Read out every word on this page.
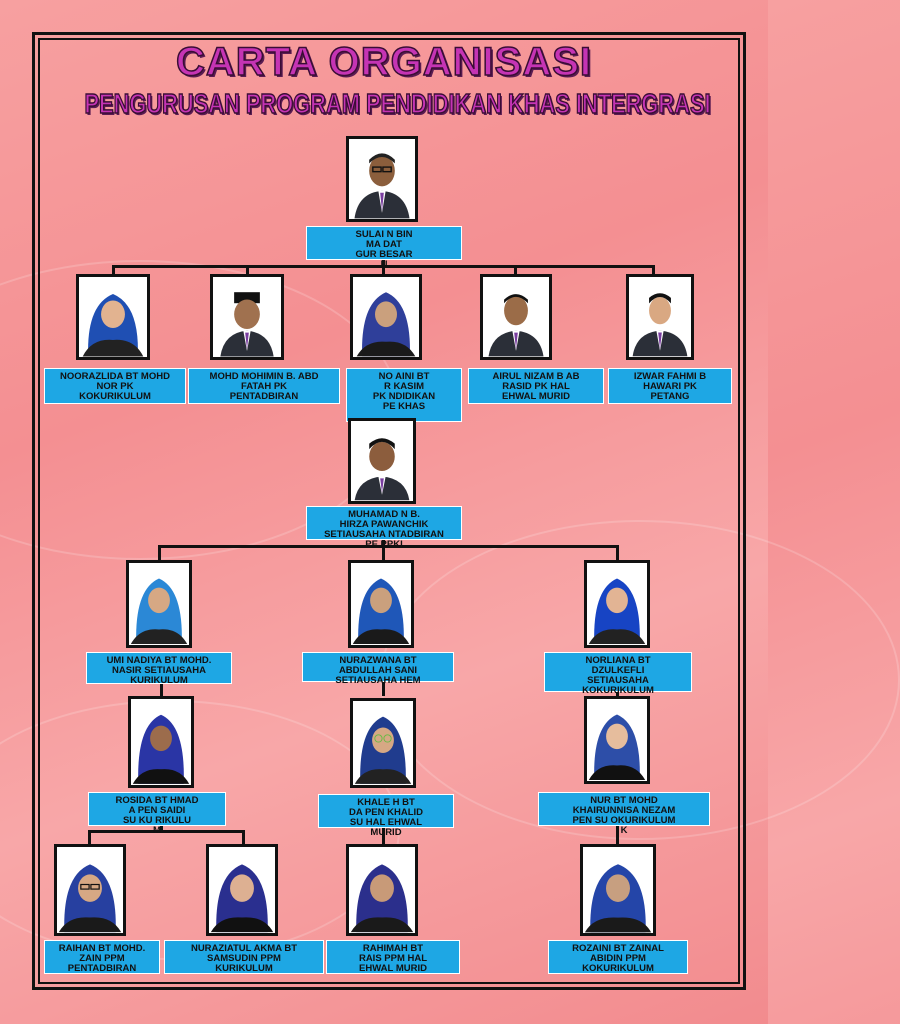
CARTA ORGANISASI
PENGURUSAN PROGRAM PENDIDIKAN KHAS INTERGRASI
SULAI N BIN
MA DAT
GUR BESAR
U
NOORAZLIDA BT MOHD
NOR PK
KOKURIKULUM
MOHD MOHIMIN B. ABD
FATAH PK
PENTADBIRAN
NO AINI BT
R KASIM
PK NDIDIKAN
PE KHAS
AIRUL NIZAM B AB
RASID PK HAL
EHWAL MURID
IZWAR FAHMI B
HAWARI PK
PETANG
MUHAMAD N B.
HIRZA PAWANCHIK
SETIAUSAHA NTADBIRAN
PE PPKI
UMI NADIYA BT MOHD.
NASIR SETIAUSAHA
KURIKULUM
NURAZWANA BT
ABDULLAH SANI
SETIAUSAHA HEM
NORLIANA BT
DZULKEFLI
SETIAUSAHA
KOKURIKULUM
ROSIDA BT HMAD
A PEN SAIDI
SU KU RIKULU
M
KHALE H BT
DA PEN KHALID
SU HAL EHWAL
MURID
NUR BT MOHD
KHAIRUNNISA NEZAM
PEN SU OKURIKULUM
K
RAIHAN BT MOHD.
ZAIN PPM
PENTADBIRAN
NURAZIATUL AKMA BT
SAMSUDIN PPM
KURIKULUM
RAHIMAH BT
RAIS PPM HAL
EHWAL MURID
ROZAINI BT ZAINAL
ABIDIN PPM
KOKURIKULUM
